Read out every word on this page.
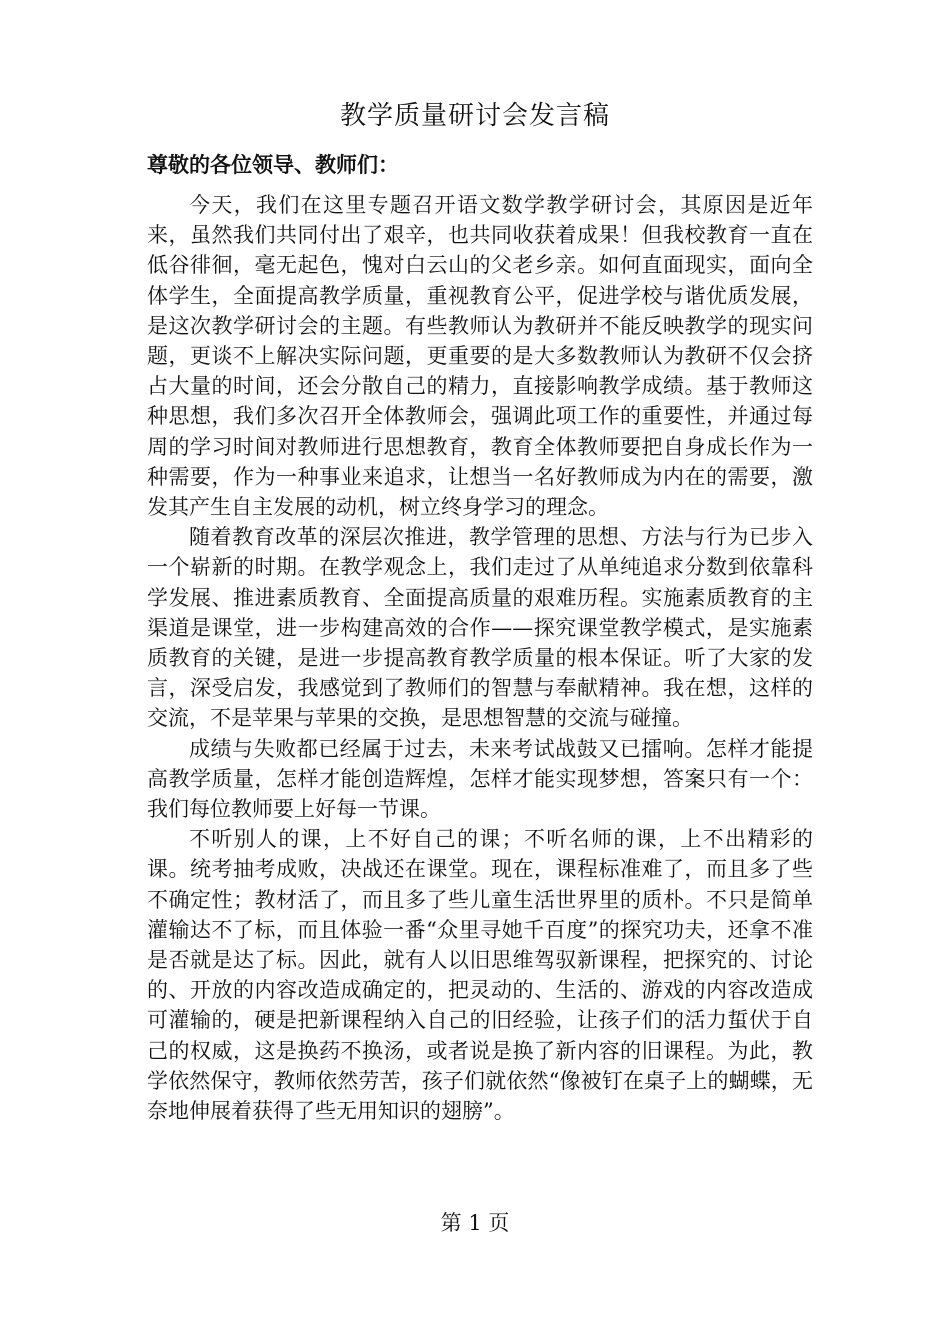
教学质量研讨会发言稿
尊敬的各位领导、教师们：

今天，我们在这里专题召开语文数学教学研讨会，其原因是近年来，虽然我们共同付出了艰辛，也共同收获着成果！但我校教育一直在低谷徘徊，毫无起色，愧对白云山的父老乡亲。如何直面现实，面向全体学生，全面提高教学质量，重视教育公平，促进学校与谐优质发展，是这次教学研讨会的主题。有些教师认为教研并不能反映教学的现实问题，更谈不上解决实际问题，更重要的是大多数教师认为教研不仅会挤占大量的时间，还会分散自己的精力，直接影响教学成绩。基于教师这种思想，我们多次召开全体教师会，强调此项工作的重要性，并通过每周的学习时间对教师进行思想教育，教育全体教师要把自身成长作为一种需要，作为一种事业来追求，让想当一名好教师成为内在的需要，激发其产生自主发展的动机，树立终身学习的理念。

随着教育改革的深层次推进，教学管理的思想、方法与行为已步入一个崭新的时期。在教学观念上，我们走过了从单纯追求分数到依靠科学发展、推进素质教育、全面提高质量的艰难历程。实施素质教育的主渠道是课堂，进一步构建高效的合作——探究课堂教学模式，是实施素质教育的关键，是进一步提高教育教学质量的根本保证。听了大家的发言，深受启发，我感觉到了教师们的智慧与奉献精神。我在想，这样的交流，不是苹果与苹果的交换，是思想智慧的交流与碰撞。

成绩与失败都已经属于过去，未来考试战鼓又已擂响。怎样才能提高教学质量，怎样才能创造辉煌，怎样才能实现梦想，答案只有一个：我们每位教师要上好每一节课。

不听别人的课，上不好自己的课；不听名师的课，上不出精彩的课。统考抽考成败，决战还在课堂。现在，课程标准难了，而且多了些不确定性；教材活了，而且多了些儿童生活世界里的质朴。不只是简单灌输达不了标，而且体验一番“众里寻她千百度”的探究功夫，还拿不准是否就是达了标。因此，就有人以旧思维驾驭新课程，把探究的、讨论的、开放的内容改造成确定的，把灵动的、生活的、游戏的内容改造成可灌输的，硬是把新课程纳入自己的旧经验，让孩子们的活力蜇伏于自己的权威，这是换药不换汤，或者说是换了新内容的旧课程。为此，教学依然保守，教师依然劳苦，孩子们就依然“像被钉在桌子上的蝴蝶，无奈地伸展着获得了些无用知识的翅膀”。

第 1 页
